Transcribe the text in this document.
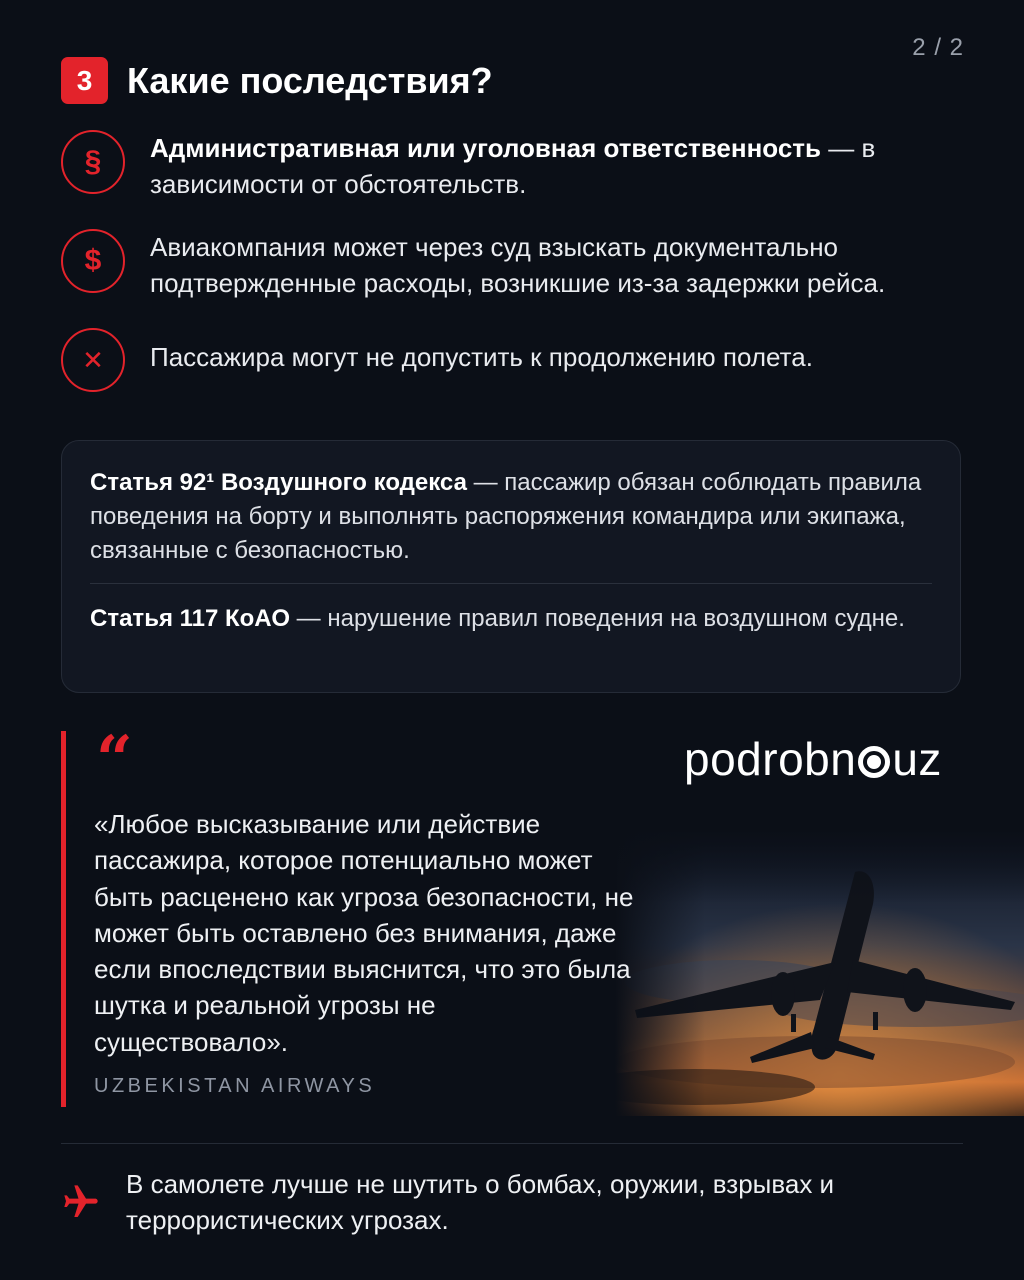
2 / 2
3 Какие последствия?
§	Административная или уголовная ответственность — в зависимости от обстоятельств.
$	Авиакомпания может через суд взыскать документально подтвержденные расходы, возникшие из-за задержки рейса.
✕	Пассажира могут не допустить к продолжению полета.
Статья 92¹ Воздушного кодекса — пассажир обязан соблюдать правила поведения на борту и выполнять распоряжения командира или экипажа, связанные с безопасностью.
Статья 117 КоАО — нарушение правил поведения на воздушном судне.
“	podrobn uz
«Любое высказывание или действие пассажира, которое потенциально может быть расценено как угроза безопасности, не может быть оставлено без внимания, даже если впоследствии выяснится, что это была шутка и реальной угрозы не существовало».
UZBEKISTAN AIRWAYS
В самолете лучше не шутить о бомбах, оружии, взрывах и террористических угрозах.
